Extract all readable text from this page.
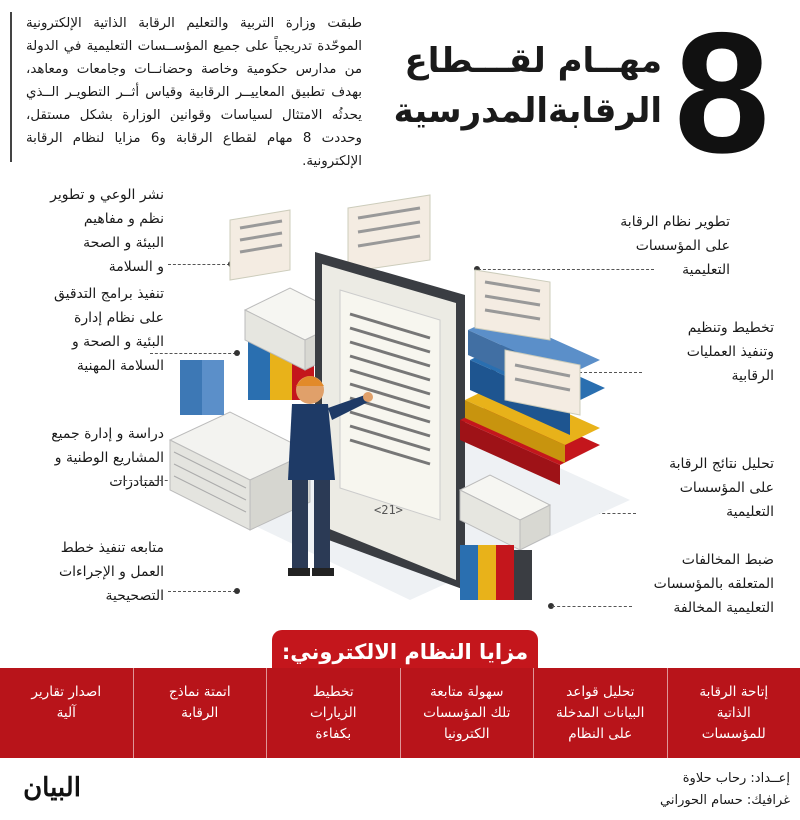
8
مهــام لقـــطاع
الرقابةالمدرسية
طبقت وزارة التربية والتعليم الرقابة الذاتية الإلكترونية الموحّدة تدريجياً على جميع المؤســسات التعليمية في الدولة من مدارس حكومية وخاصة وحضانــات وجامعات ومعاهد، بهدف تطبيق المعاييــر الرقابية وقياس أثــر التطويـر الــذي يحدثُه الامتثال لسياسات وقوانين الوزارة بشكل مستقل، وحددت 8 مهام لقطاع الرقابة و6 مزايا لنظام الرقابة الإلكترونية.
نشر الوعي و تطوير
نظم و مفاهيم
البيئة و الصحة
و السلامة
تنفيذ برامج التدقيق
على نظام إدارة
البئية و الصحة و
السلامة المهنية
دراسة و إدارة جميع
المشاريع الوطنية و
المبادرات
متابعه تنفيذ خطط
العمل و الإجراءات
التصحيحية
تطوير نظام الرقابة
على المؤسسات
التعليمية
تخطيط وتنظيم
وتنفيذ العمليات
الرقابية
تحليل نتائج الرقابة
على المؤسسات
التعليمية
ضبط المخالفات
المتعلقه بالمؤسسات
التعليمية المخالفة
<21>
مزايا النظام الالكتروني:
إتاحة الرقابة
الذاتية
للمؤسسات
تحليل قواعد
البيانات المدخلة
على النظام
سهولة متابعة
تلك المؤسسات
الكترونيا
تخطيط
الزيارات
بكفاءة
اتمتة نماذج
الرقابة
اصدار تقارير
آلية
إعــداد: رحاب حلاوة
غرافيك: حسام الحوراني
البيان
